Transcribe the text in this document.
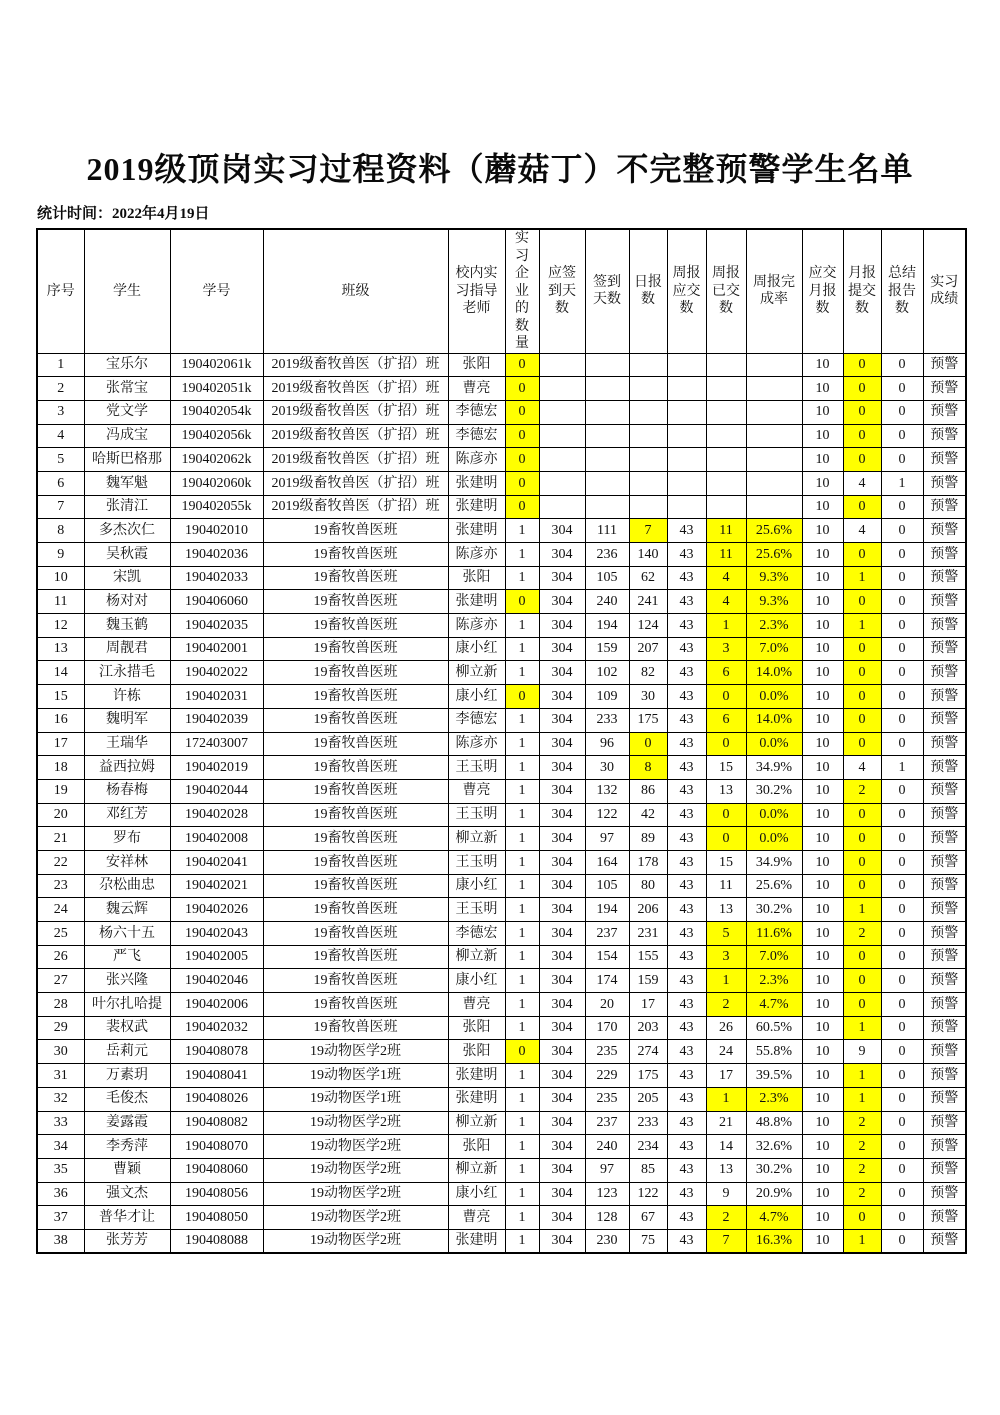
2019级顶岗实习过程资料（蘑菇丁）不完整预警学生名单
统计时间：2022年4月19日
序号	学生	学号	班级	校内实习指导老师	实习企业的数量	应签到天数	签到天数	日报数	周报应交数	周报已交数	周报完成率	应交月报数	月报提交数	总结报告数	实习成绩
1	宝乐尔	190402061k	2019级畜牧兽医（扩招）班	张阳	0							10	0	0	预警
2	张常宝	190402051k	2019级畜牧兽医（扩招）班	曹亮	0							10	0	0	预警
3	党文学	190402054k	2019级畜牧兽医（扩招）班	李德宏	0							10	0	0	预警
4	冯成宝	190402056k	2019级畜牧兽医（扩招）班	李德宏	0							10	0	0	预警
5	哈斯巴格那	190402062k	2019级畜牧兽医（扩招）班	陈彦亦	0							10	0	0	预警
6	魏军魁	190402060k	2019级畜牧兽医（扩招）班	张建明	0							10	4	1	预警
7	张清江	190402055k	2019级畜牧兽医（扩招）班	张建明	0							10	0	0	预警
8	多杰次仁	190402010	19畜牧兽医班	张建明	1	304	111	7	43	11	25.6%	10	4	0	预警
9	吴秋霞	190402036	19畜牧兽医班	陈彦亦	1	304	236	140	43	11	25.6%	10	0	0	预警
10	宋凯	190402033	19畜牧兽医班	张阳	1	304	105	62	43	4	9.3%	10	1	0	预警
11	杨对对	190406060	19畜牧兽医班	张建明	0	304	240	241	43	4	9.3%	10	0	0	预警
12	魏玉鹤	190402035	19畜牧兽医班	陈彦亦	1	304	194	124	43	1	2.3%	10	1	0	预警
13	周靓君	190402001	19畜牧兽医班	康小红	1	304	159	207	43	3	7.0%	10	0	0	预警
14	江永措毛	190402022	19畜牧兽医班	柳立新	1	304	102	82	43	6	14.0%	10	0	0	预警
15	许栋	190402031	19畜牧兽医班	康小红	0	304	109	30	43	0	0.0%	10	0	0	预警
16	魏明军	190402039	19畜牧兽医班	李德宏	1	304	233	175	43	6	14.0%	10	0	0	预警
17	王瑞华	172403007	19畜牧兽医班	陈彦亦	1	304	96	0	43	0	0.0%	10	0	0	预警
18	益西拉姆	190402019	19畜牧兽医班	王玉明	1	304	30	8	43	15	34.9%	10	4	1	预警
19	杨春梅	190402044	19畜牧兽医班	曹亮	1	304	132	86	43	13	30.2%	10	2	0	预警
20	邓红芳	190402028	19畜牧兽医班	王玉明	1	304	122	42	43	0	0.0%	10	0	0	预警
21	罗布	190402008	19畜牧兽医班	柳立新	1	304	97	89	43	0	0.0%	10	0	0	预警
22	安祥林	190402041	19畜牧兽医班	王玉明	1	304	164	178	43	15	34.9%	10	0	0	预警
23	尕松曲忠	190402021	19畜牧兽医班	康小红	1	304	105	80	43	11	25.6%	10	0	0	预警
24	魏云辉	190402026	19畜牧兽医班	王玉明	1	304	194	206	43	13	30.2%	10	1	0	预警
25	杨六十五	190402043	19畜牧兽医班	李德宏	1	304	237	231	43	5	11.6%	10	2	0	预警
26	严飞	190402005	19畜牧兽医班	柳立新	1	304	154	155	43	3	7.0%	10	0	0	预警
27	张兴隆	190402046	19畜牧兽医班	康小红	1	304	174	159	43	1	2.3%	10	0	0	预警
28	叶尔扎哈提	190402006	19畜牧兽医班	曹亮	1	304	20	17	43	2	4.7%	10	0	0	预警
29	裴权武	190402032	19畜牧兽医班	张阳	1	304	170	203	43	26	60.5%	10	1	0	预警
30	岳莉元	190408078	19动物医学2班	张阳	0	304	235	274	43	24	55.8%	10	9	0	预警
31	万素玥	190408041	19动物医学1班	张建明	1	304	229	175	43	17	39.5%	10	1	0	预警
32	毛俊杰	190408026	19动物医学1班	张建明	1	304	235	205	43	1	2.3%	10	1	0	预警
33	姜露霞	190408082	19动物医学2班	柳立新	1	304	237	233	43	21	48.8%	10	2	0	预警
34	李秀萍	190408070	19动物医学2班	张阳	1	304	240	234	43	14	32.6%	10	2	0	预警
35	曹颖	190408060	19动物医学2班	柳立新	1	304	97	85	43	13	30.2%	10	2	0	预警
36	强文杰	190408056	19动物医学2班	康小红	1	304	123	122	43	9	20.9%	10	2	0	预警
37	普华才让	190408050	19动物医学2班	曹亮	1	304	128	67	43	2	4.7%	10	0	0	预警
38	张芳芳	190408088	19动物医学2班	张建明	1	304	230	75	43	7	16.3%	10	1	0	预警
